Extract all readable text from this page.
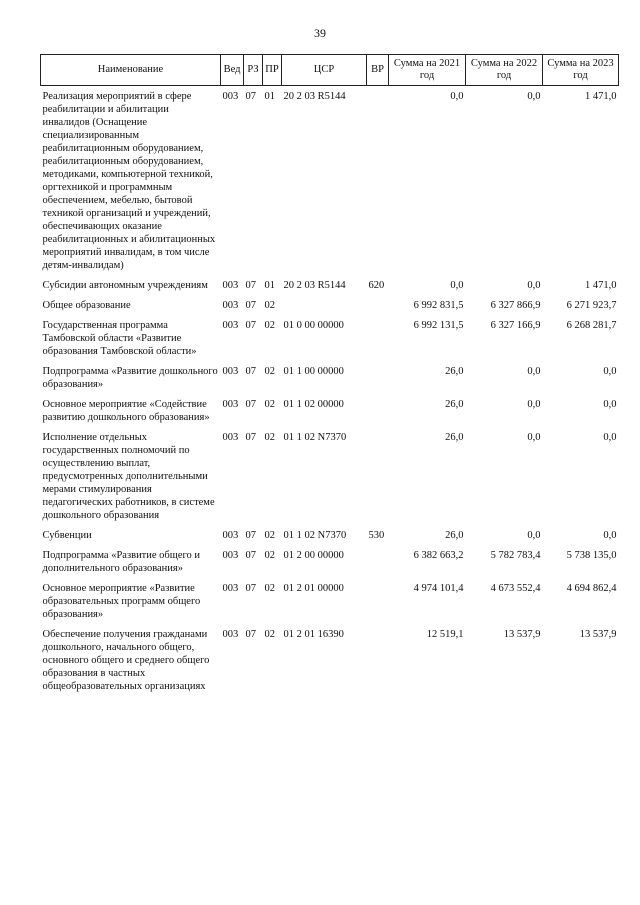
39
Наименование	Вед	РЗ	ПР	ЦСР	ВР	Сумма на 2021 год	Сумма на 2022 год	Сумма на 2023 год
Реализация мероприятий в сфере реабилитации и абилитации инвалидов (Оснащение специализированным реабилитационным оборудованием, реабилитационным оборудованием, методиками, компьютерной техникой, оргтехникой и программным обеспечением, мебелью, бытовой техникой организаций и учреждений, обеспечивающих оказание реабилитационных и абилитационных мероприятий инвалидам, в том числе детям-инвалидам)	003	07	01	20 2 03 R5144		0,0	0,0	1 471,0
Субсидии автономным учреждениям	003	07	01	20 2 03 R5144	620	0,0	0,0	1 471,0
Общее образование	003	07	02			6 992 831,5	6 327 866,9	6 271 923,7
Государственная программа Тамбовской области «Развитие образования Тамбовской области»	003	07	02	01 0 00 00000		6 992 131,5	6 327 166,9	6 268 281,7
Подпрограмма «Развитие дошкольного образования»	003	07	02	01 1 00 00000		26,0	0,0	0,0
Основное мероприятие «Содействие развитию дошкольного образования»	003	07	02	01 1 02 00000		26,0	0,0	0,0
Исполнение отдельных государственных полномочий по осуществлению выплат, предусмотренных дополнительными мерами стимулирования педагогических работников, в системе дошкольного образования	003	07	02	01 1 02 N7370		26,0	0,0	0,0
Субвенции	003	07	02	01 1 02 N7370	530	26,0	0,0	0,0
Подпрограмма «Развитие общего и дополнительного образования»	003	07	02	01 2 00 00000		6 382 663,2	5 782 783,4	5 738 135,0
Основное мероприятие «Развитие образовательных программ общего образования»	003	07	02	01 2 01 00000		4 974 101,4	4 673 552,4	4 694 862,4
Обеспечение получения гражданами дошкольного, начального общего, основного общего и среднего общего образования в частных общеобразовательных организациях	003	07	02	01 2 01 16390		12 519,1	13 537,9	13 537,9
